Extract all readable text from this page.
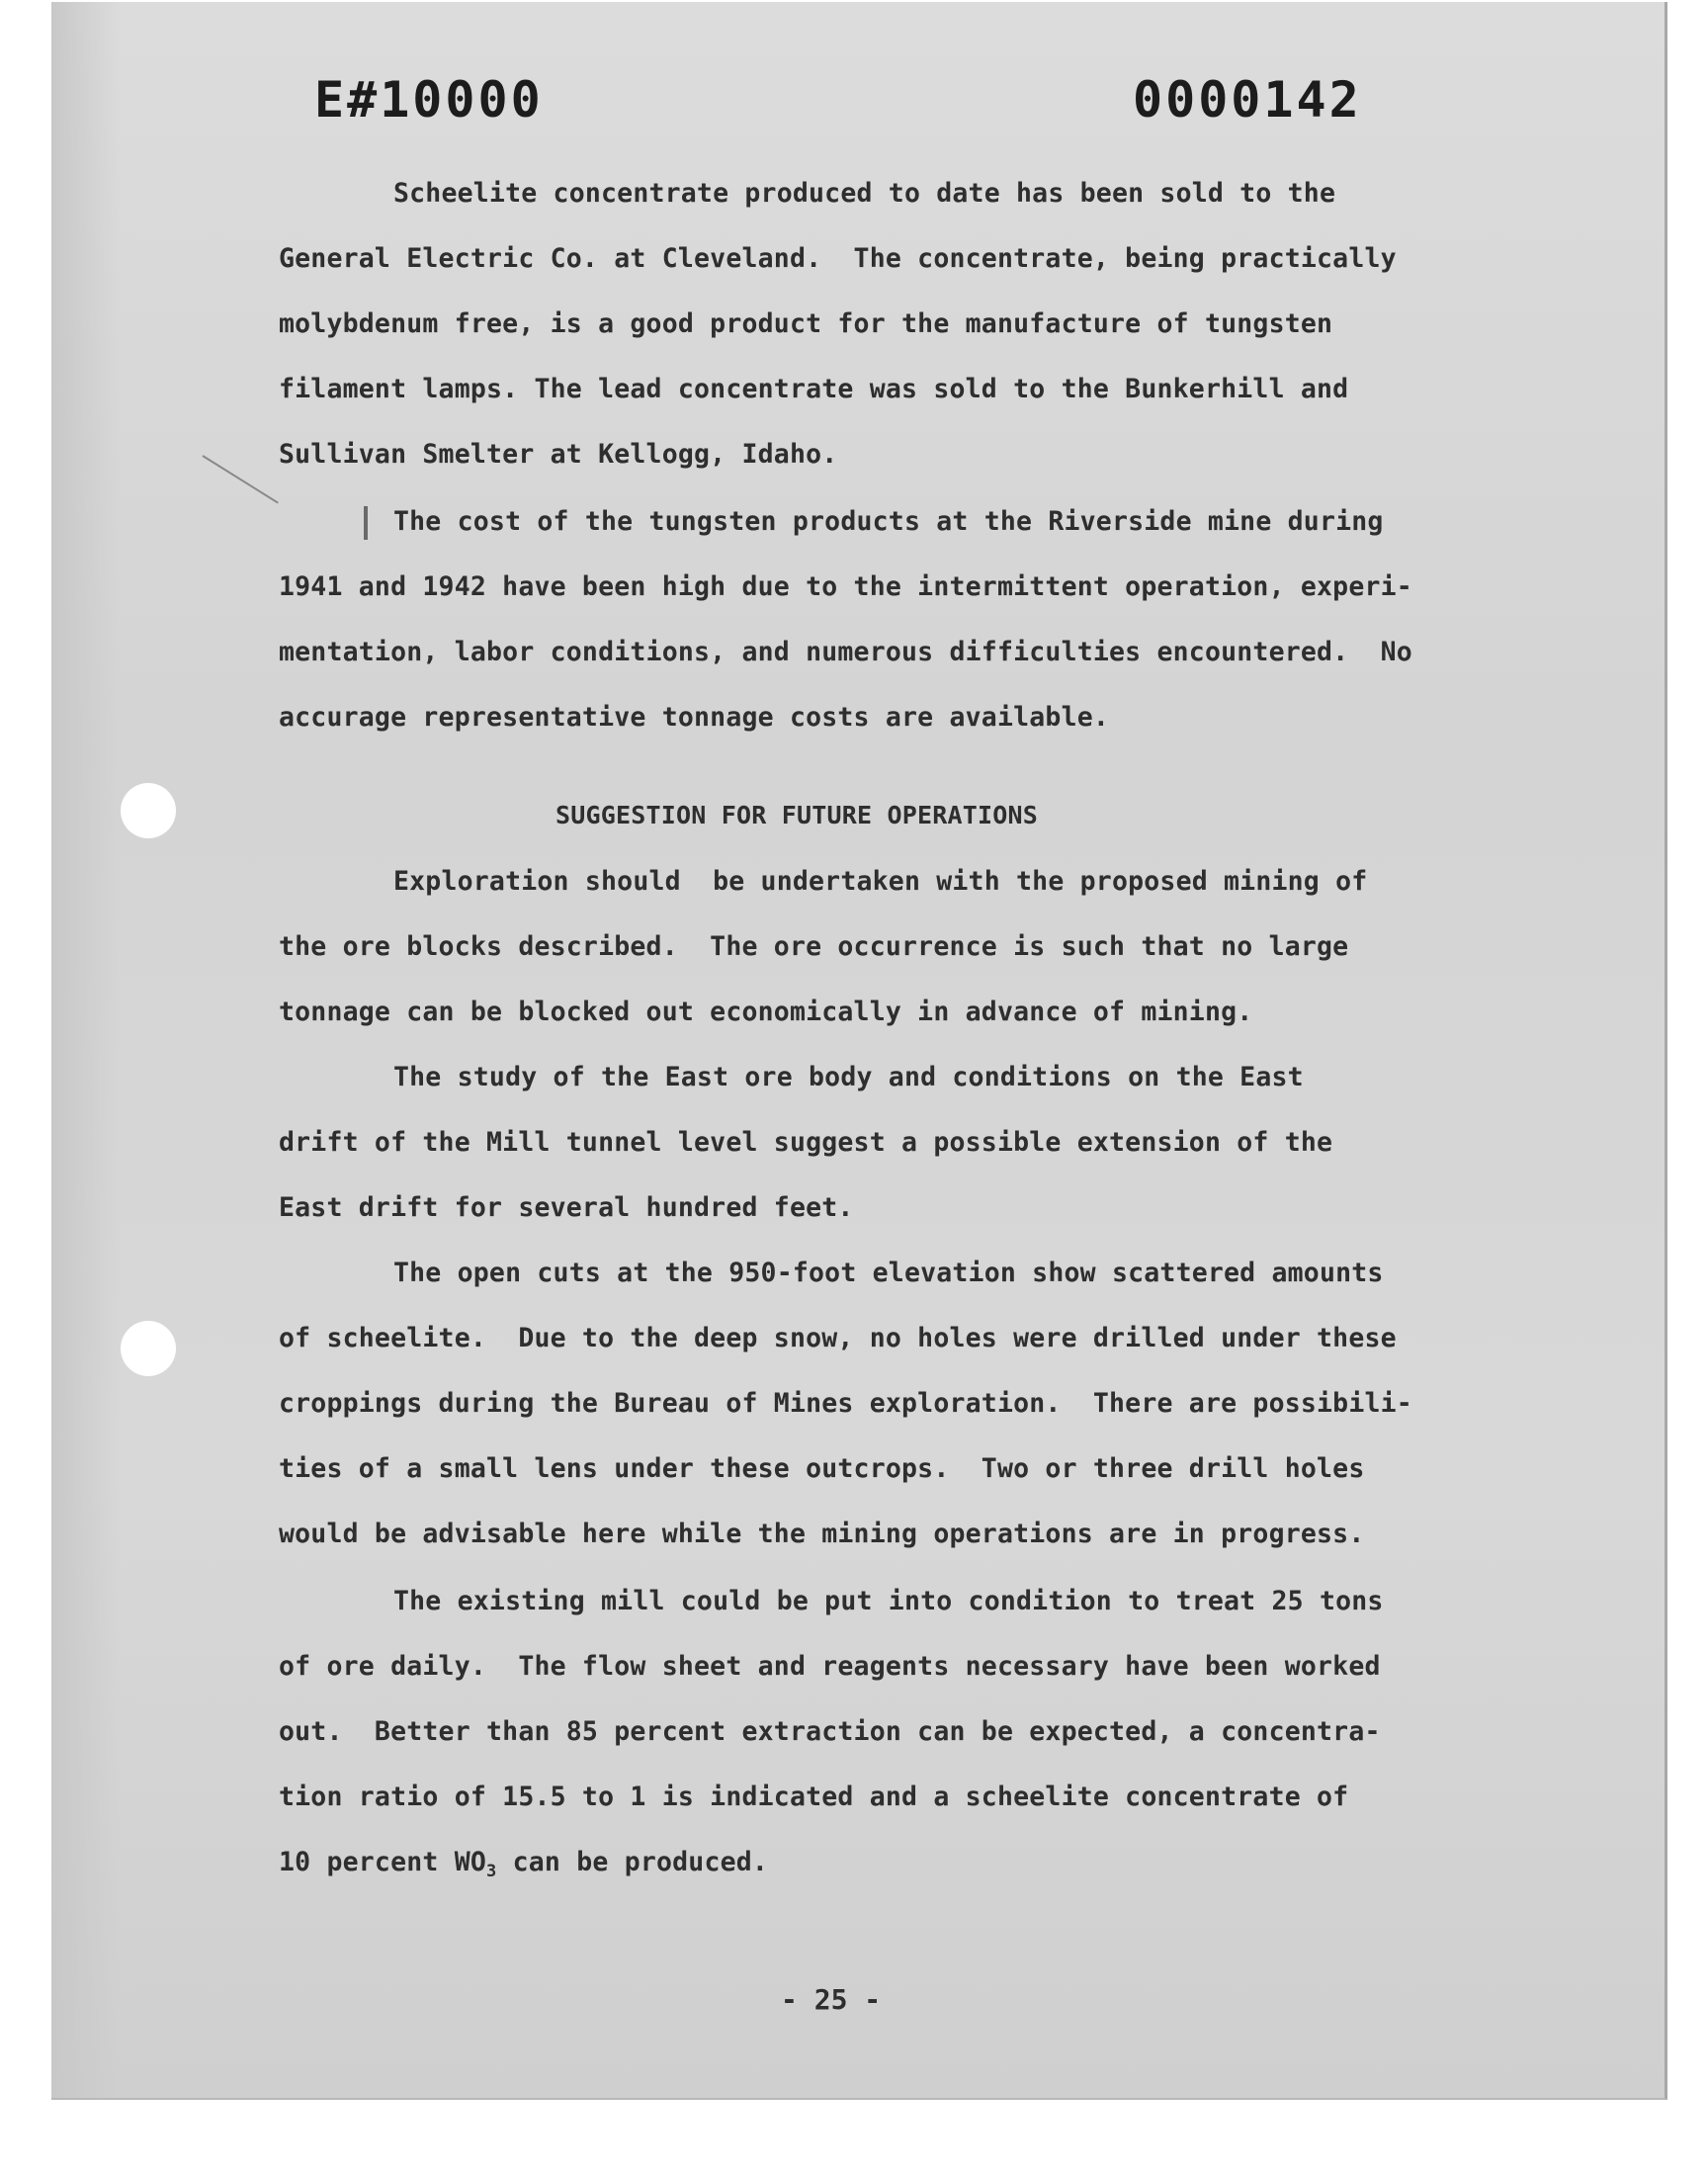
E#10000	0000142

Scheelite concentrate produced to date has been sold to the

General Electric Co. at Cleveland.  The concentrate, being practically

molybdenum free, is a good product for the manufacture of tungsten

filament lamps. The lead concentrate was sold to the Bunkerhill and

Sullivan Smelter at Kellogg, Idaho.

The cost of the tungsten products at the Riverside mine during

1941 and 1942 have been high due to the intermittent operation, experi-

mentation, labor conditions, and numerous difficulties encountered.  No

accurage representative tonnage costs are available.

SUGGESTION FOR FUTURE OPERATIONS

Exploration should  be undertaken with the proposed mining of

the ore blocks described.  The ore occurrence is such that no large

tonnage can be blocked out economically in advance of mining.

The study of the East ore body and conditions on the East

drift of the Mill tunnel level suggest a possible extension of the

East drift for several hundred feet.

The open cuts at the 950-foot elevation show scattered amounts

of scheelite.  Due to the deep snow, no holes were drilled under these

croppings during the Bureau of Mines exploration.  There are possibili-

ties of a small lens under these outcrops.  Two or three drill holes

would be advisable here while the mining operations are in progress.

The existing mill could be put into condition to treat 25 tons

of ore daily.  The flow sheet and reagents necessary have been worked

out.  Better than 85 percent extraction can be expected, a concentra-

tion ratio of 15.5 to 1 is indicated and a scheelite concentrate of

10 percent $WO_3$ can be produced.

- 25 -
